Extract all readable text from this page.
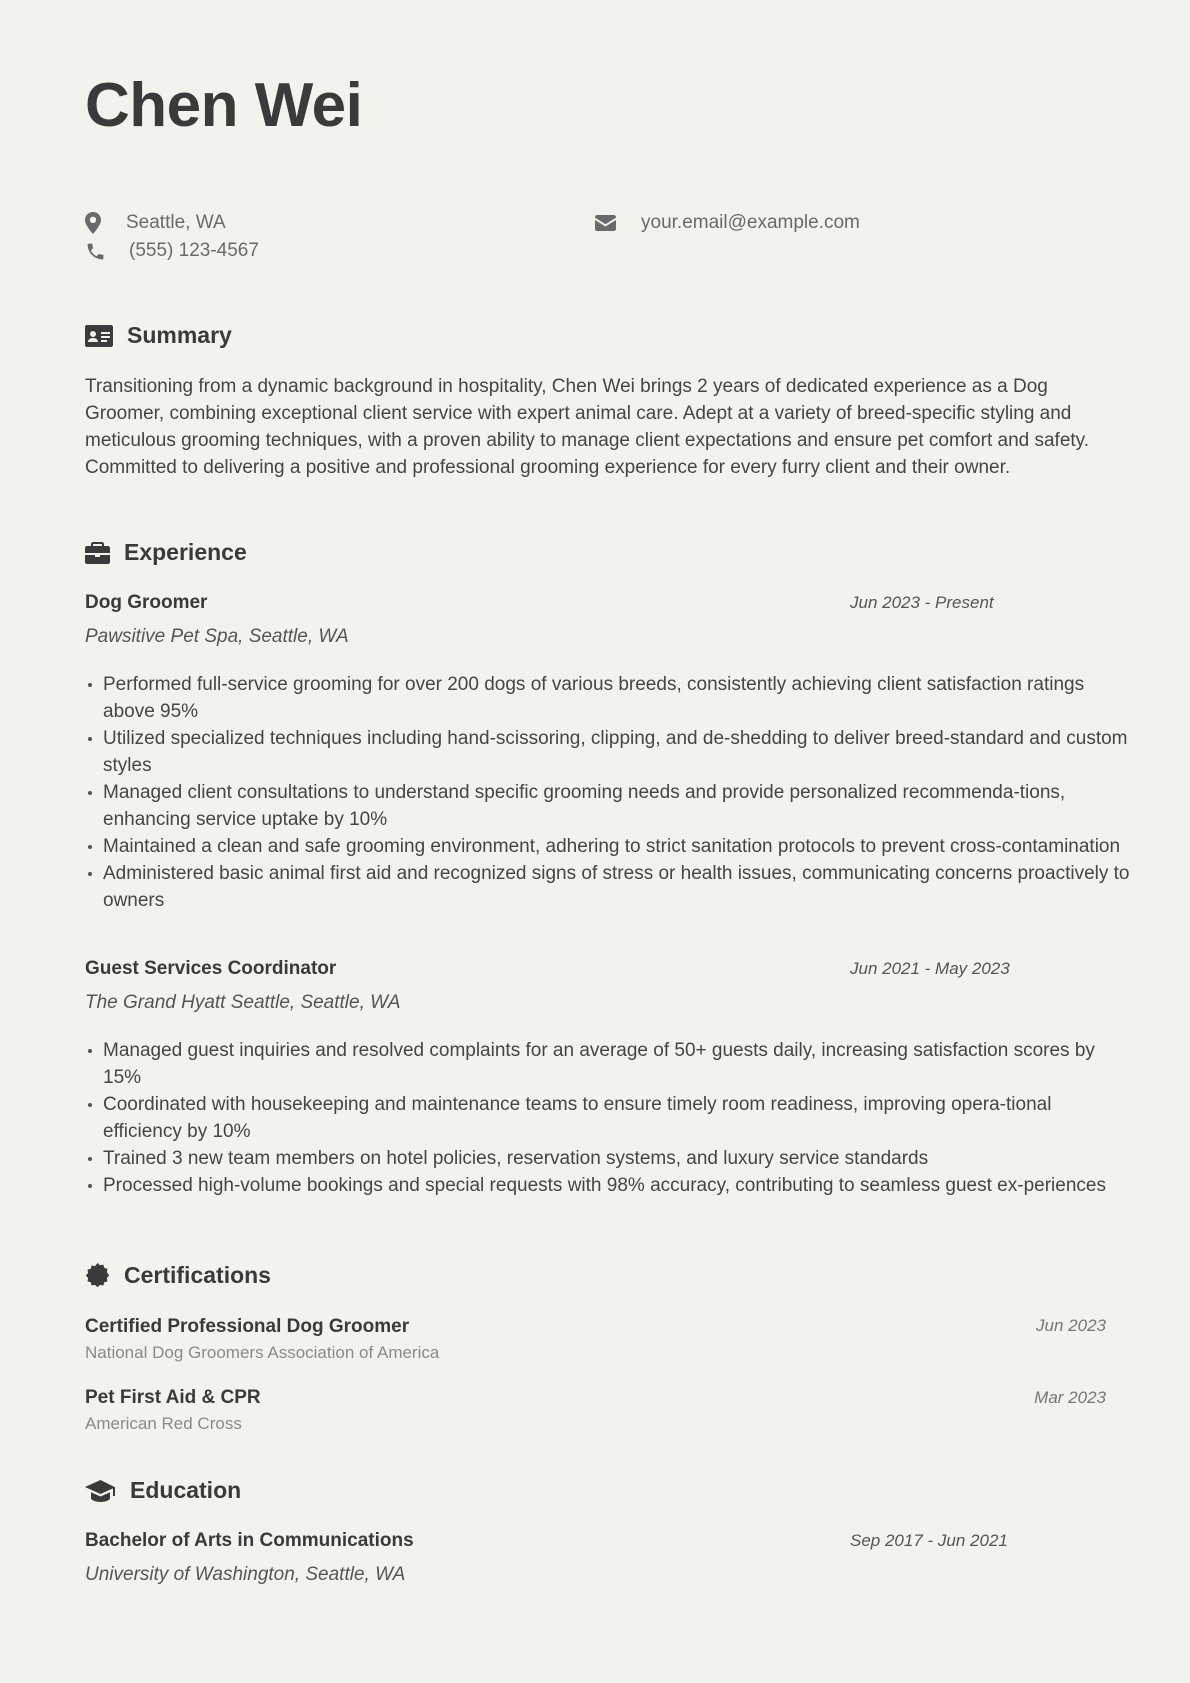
Chen Wei
Seattle, WA
(555) 123-4567
your.email@example.com
Summary

Transitioning from a dynamic background in hospitality, Chen Wei brings 2 years of dedicated experience as a Dog Groomer, combining exceptional client service with expert animal care. Adept at a variety of breed-specific styling and meticulous grooming techniques, with a proven ability to manage client expectations and ensure pet comfort and safety. Committed to delivering a positive and professional grooming experience for every furry client and their owner.

Experience
Dog Groomer	Jun 2023 - Present
Pawsitive Pet Spa, Seattle, WA
Performed full-service grooming for over 200 dogs of various breeds, consistently achieving client satisfaction ratings above 95%
Utilized specialized techniques including hand-scissoring, clipping, and de-shedding to deliver breed-standard and custom styles
Managed client consultations to understand specific grooming needs and provide personalized recommenda-tions, enhancing service uptake by 10%
Maintained a clean and safe grooming environment, adhering to strict sanitation protocols to prevent cross-contamination
Administered basic animal first aid and recognized signs of stress or health issues, communicating concerns proactively to owners
Guest Services Coordinator	Jun 2021 - May 2023
The Grand Hyatt Seattle, Seattle, WA
Managed guest inquiries and resolved complaints for an average of 50+ guests daily, increasing satisfaction scores by 15%
Coordinated with housekeeping and maintenance teams to ensure timely room readiness, improving opera-tional efficiency by 10%
Trained 3 new team members on hotel policies, reservation systems, and luxury service standards
Processed high-volume bookings and special requests with 98% accuracy, contributing to seamless guest ex-periences
Certifications
Certified Professional Dog Groomer	Jun 2023
National Dog Groomers Association of America
Pet First Aid & CPR	Mar 2023
American Red Cross
Education
Bachelor of Arts in Communications	Sep 2017 - Jun 2021
University of Washington, Seattle, WA
